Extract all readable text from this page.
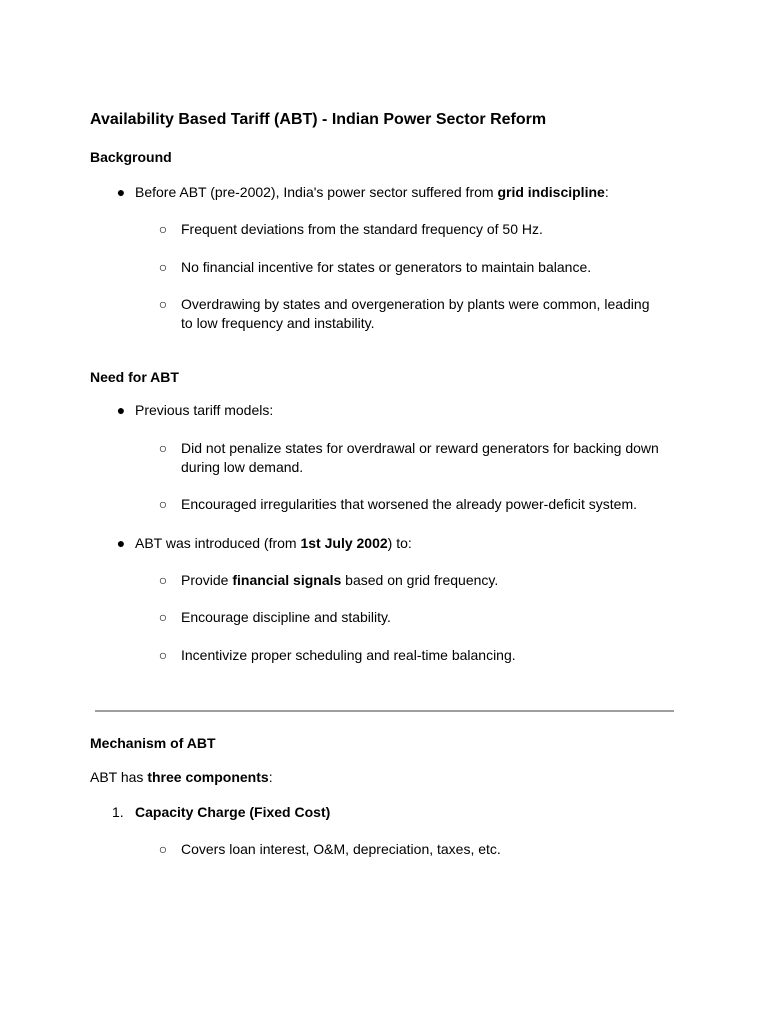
Availability Based Tariff (ABT) - Indian Power Sector Reform
Background
● Before ABT (pre-2002), India's power sector suffered from grid indiscipline:
○ Frequent deviations from the standard frequency of 50 Hz.
○ No financial incentive for states or generators to maintain balance.
○ Overdrawing by states and overgeneration by plants were common, leading to low frequency and instability.
Need for ABT
● Previous tariff models:
○ Did not penalize states for overdrawal or reward generators for backing down during low demand.
○ Encouraged irregularities that worsened the already power-deficit system.
● ABT was introduced (from 1st July 2002) to:
○ Provide financial signals based on grid frequency.
○ Encourage discipline and stability.
○ Incentivize proper scheduling and real-time balancing.
Mechanism of ABT
ABT has three components:
1. Capacity Charge (Fixed Cost)
○ Covers loan interest, O&M, depreciation, taxes, etc.
